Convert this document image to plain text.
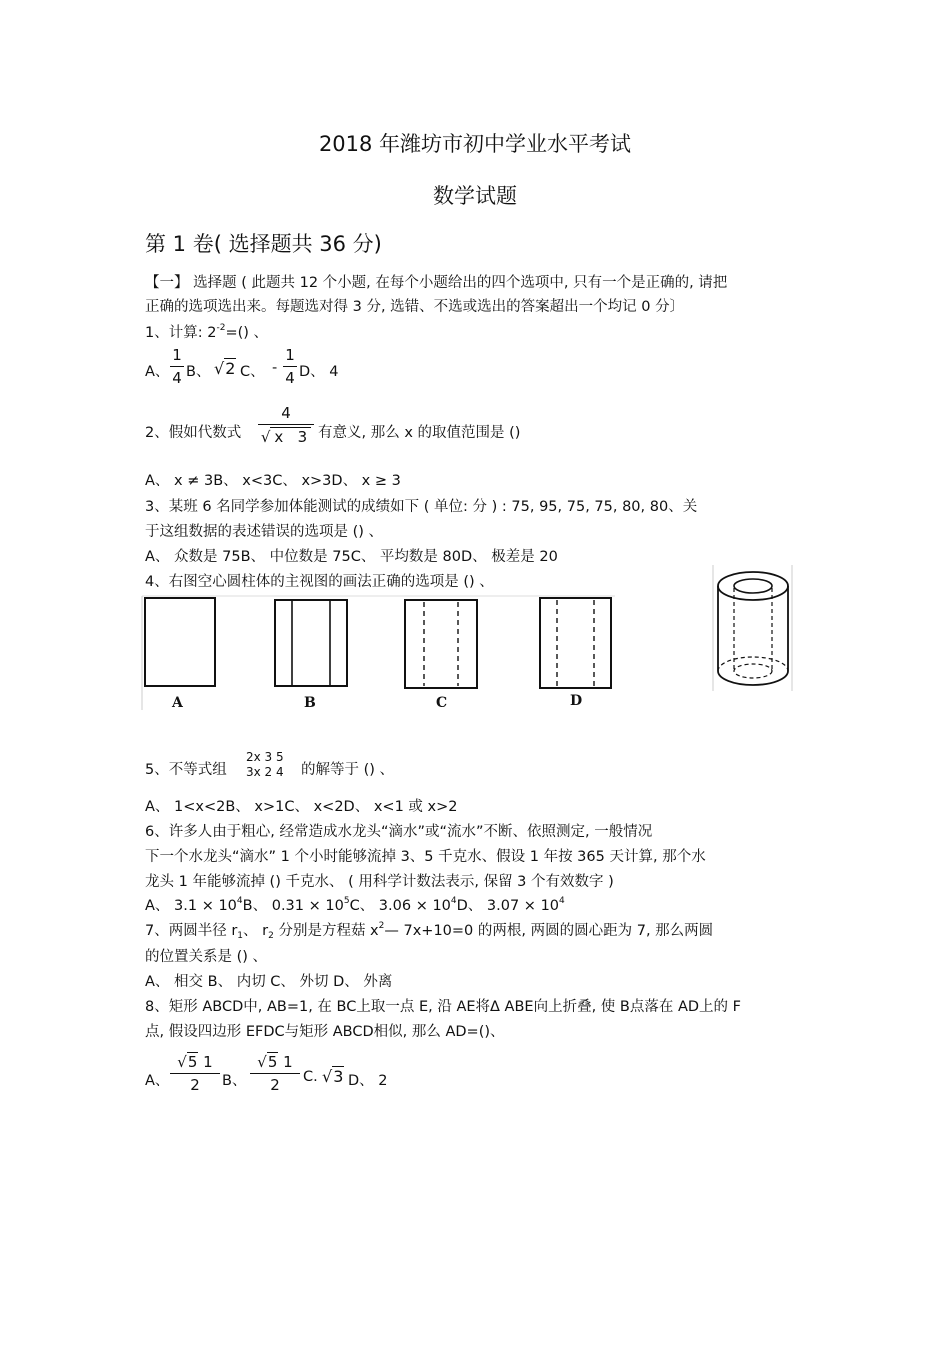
2018 年潍坊市初中学业水平考试
数学试题
第 1 卷( 选择题共 36 分)
【一】 选择题 ( 此题共 12 个小题, 在每个小题给出的四个选项中, 只有一个是正确的, 请把
正确的选项选出来。每题选对得 3 分, 选错、不选或选出的答案超出一个均记 0 分〕
1、计算: $2^{-2}=()$ 、
A、
1
4 B、 √2 C、 -
1
4 D、 4
2、假如代数式
4
√ x 3 有意义, 那么 x 的取值范围是 ()
A、 x ≠ 3B、 x<3C、 x>3D、 x ≥ 3
3、某班 6 名同学参加体能测试的成绩如下 ( 单位: 分 ) : 75, 95, 75, 75, 80, 80、关
于这组数据的表述错误的选项是 () 、
A、 众数是 75B、 中位数是 75C、 平均数是 80D、 极差是 20
4、右图空心圆柱体的主视图的画法正确的选项是 () 、
A	B	C	D
5、不等式组
2x 3 5
3x 2 4 的解等于 () 、
A、 1<x<2B、 x>1C、 x<2D、 x<1 或 x>2
6、许多人由于粗心, 经常造成水龙头“滴水”或“流水”不断、依照测定, 一般情况
下一个水龙头“滴水” 1 个小时能够流掉 3、5 千克水、假设 1 年按 365 天计算, 那个水
龙头 1 年能够流掉 () 千克水、 ( 用科学计数法表示, 保留 3 个有效数字 )
A、 $3.1 \times 10^4B$、 $0.31 \times 10^5C$、 $3.06 \times 10^4D$、 $3.07 \times 10^4$
7、两圆半径 $r_1$、 $r_2$ 分别是方程菇 $x^2—$ 7x+10=0 的两根, 两圆的圆心距为 7, 那么两圆
的位置关系是 () 、
A、 相交 B、 内切 C、 外切 D、 外离
8、矩形 ABCD中, AB=1, 在 BC上取一点 E, 沿 AE将Δ ABE向上折叠, 使 B点落在 AD上的 F
点, 假设四边形 EFDC与矩形 ABCD相似, 那么 AD=()、
A、
√5 1
2	B、
√5 1
2	C. √3 D、 2
